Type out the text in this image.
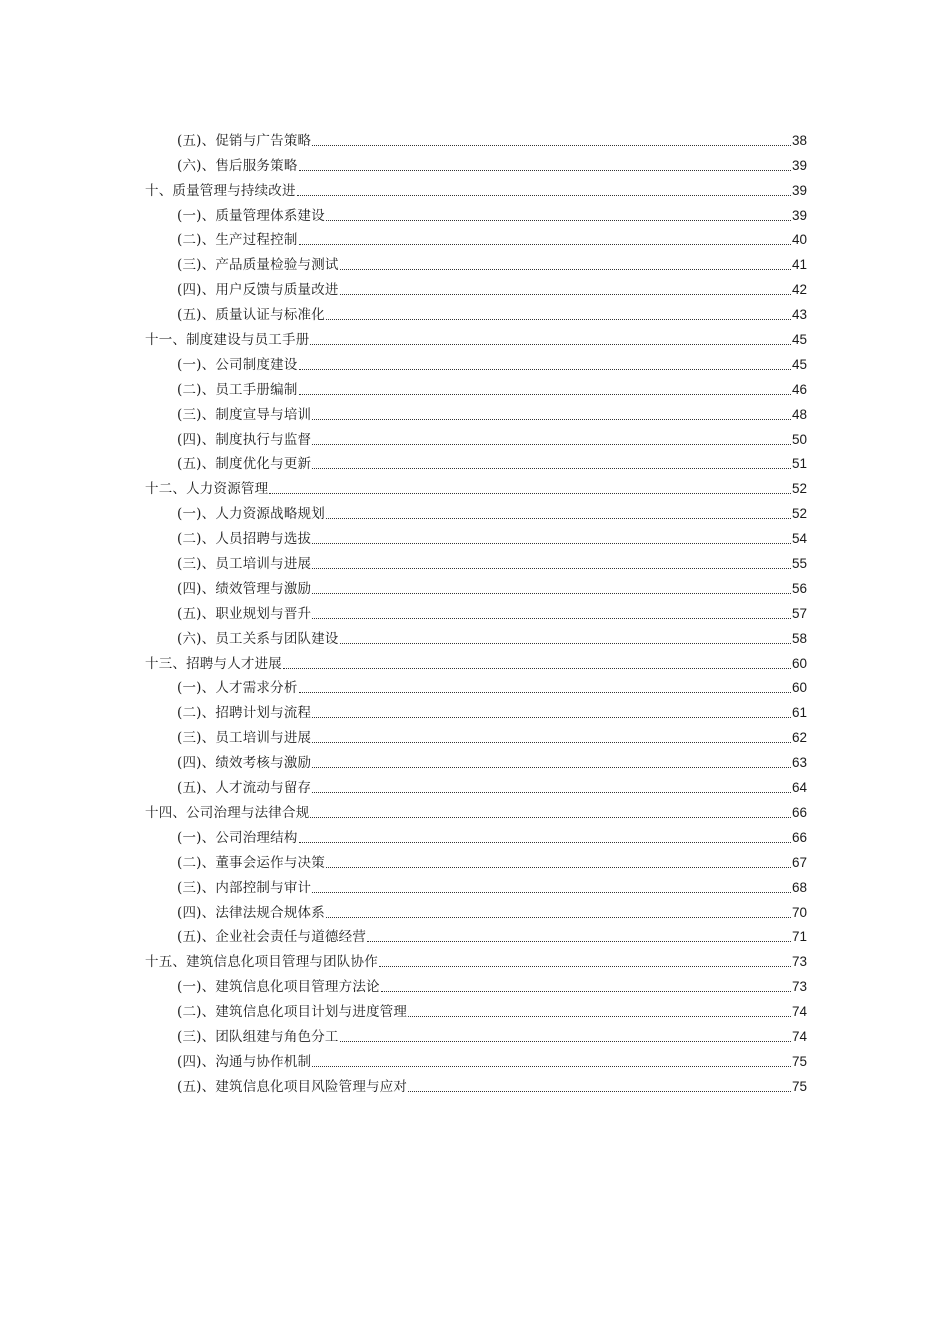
(五)、促销与广告策略	38
(六)、售后服务策略	39
十、质量管理与持续改进	39
(一)、质量管理体系建设	39
(二)、生产过程控制	40
(三)、产品质量检验与测试	41
(四)、用户反馈与质量改进	42
(五)、质量认证与标准化	43
十一、制度建设与员工手册	45
(一)、公司制度建设	45
(二)、员工手册编制	46
(三)、制度宣导与培训	48
(四)、制度执行与监督	50
(五)、制度优化与更新	51
十二、人力资源管理	52
(一)、人力资源战略规划	52
(二)、人员招聘与选拔	54
(三)、员工培训与进展	55
(四)、绩效管理与激励	56
(五)、职业规划与晋升	57
(六)、员工关系与团队建设	58
十三、招聘与人才进展	60
(一)、人才需求分析	60
(二)、招聘计划与流程	61
(三)、员工培训与进展	62
(四)、绩效考核与激励	63
(五)、人才流动与留存	64
十四、公司治理与法律合规	66
(一)、公司治理结构	66
(二)、董事会运作与决策	67
(三)、内部控制与审计	68
(四)、法律法规合规体系	70
(五)、企业社会责任与道德经营	71
十五、建筑信息化项目管理与团队协作	73
(一)、建筑信息化项目管理方法论	73
(二)、建筑信息化项目计划与进度管理	74
(三)、团队组建与角色分工	74
(四)、沟通与协作机制	75
(五)、建筑信息化项目风险管理与应对	75
